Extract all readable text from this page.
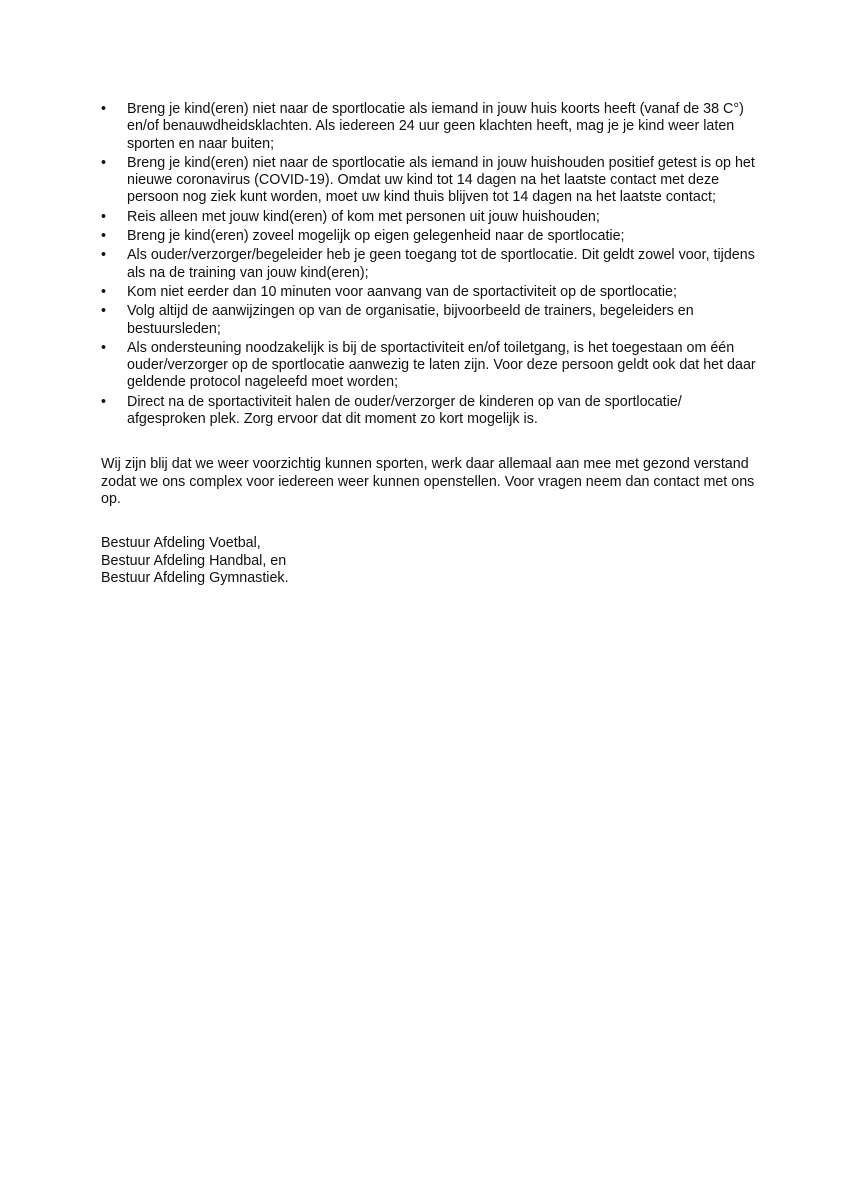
• Breng je kind(eren) niet naar de sportlocatie als iemand in jouw huis koorts heeft (vanaf de 38 C°) en/of benauwdheidsklachten. Als iedereen 24 uur geen klachten heeft, mag je je kind weer laten sporten en naar buiten;
• Breng je kind(eren) niet naar de sportlocatie als iemand in jouw huishouden positief getest is op het nieuwe coronavirus (COVID-19). Omdat uw kind tot 14 dagen na het laatste contact met deze persoon nog ziek kunt worden, moet uw kind thuis blijven tot 14 dagen na het laatste contact;
• Reis alleen met jouw kind(eren) of kom met personen uit jouw huishouden;
• Breng je kind(eren) zoveel mogelijk op eigen gelegenheid naar de sportlocatie;
• Als ouder/verzorger/begeleider heb je geen toegang tot de sportlocatie. Dit geldt zowel voor, tijdens als na de training van jouw kind(eren);
• Kom niet eerder dan 10 minuten voor aanvang van de sportactiviteit op de sportlocatie;
• Volg altijd de aanwijzingen op van de organisatie, bijvoorbeeld de trainers, begeleiders en bestuursleden;
• Als ondersteuning noodzakelijk is bij de sportactiviteit en/of toiletgang, is het toegestaan om één ouder/verzorger op de sportlocatie aanwezig te laten zijn. Voor deze persoon geldt ook dat het daar geldende protocol nageleefd moet worden;
• Direct na de sportactiviteit halen de ouder/verzorger de kinderen op van de sportlocatie/ afgesproken plek. Zorg ervoor dat dit moment zo kort mogelijk is.

Wij zijn blij dat we weer voorzichtig kunnen sporten, werk daar allemaal aan mee met gezond verstand zodat we ons complex voor iedereen weer kunnen openstellen. Voor vragen neem dan contact met ons op.

Bestuur Afdeling Voetbal,
Bestuur Afdeling Handbal, en
Bestuur Afdeling Gymnastiek.
